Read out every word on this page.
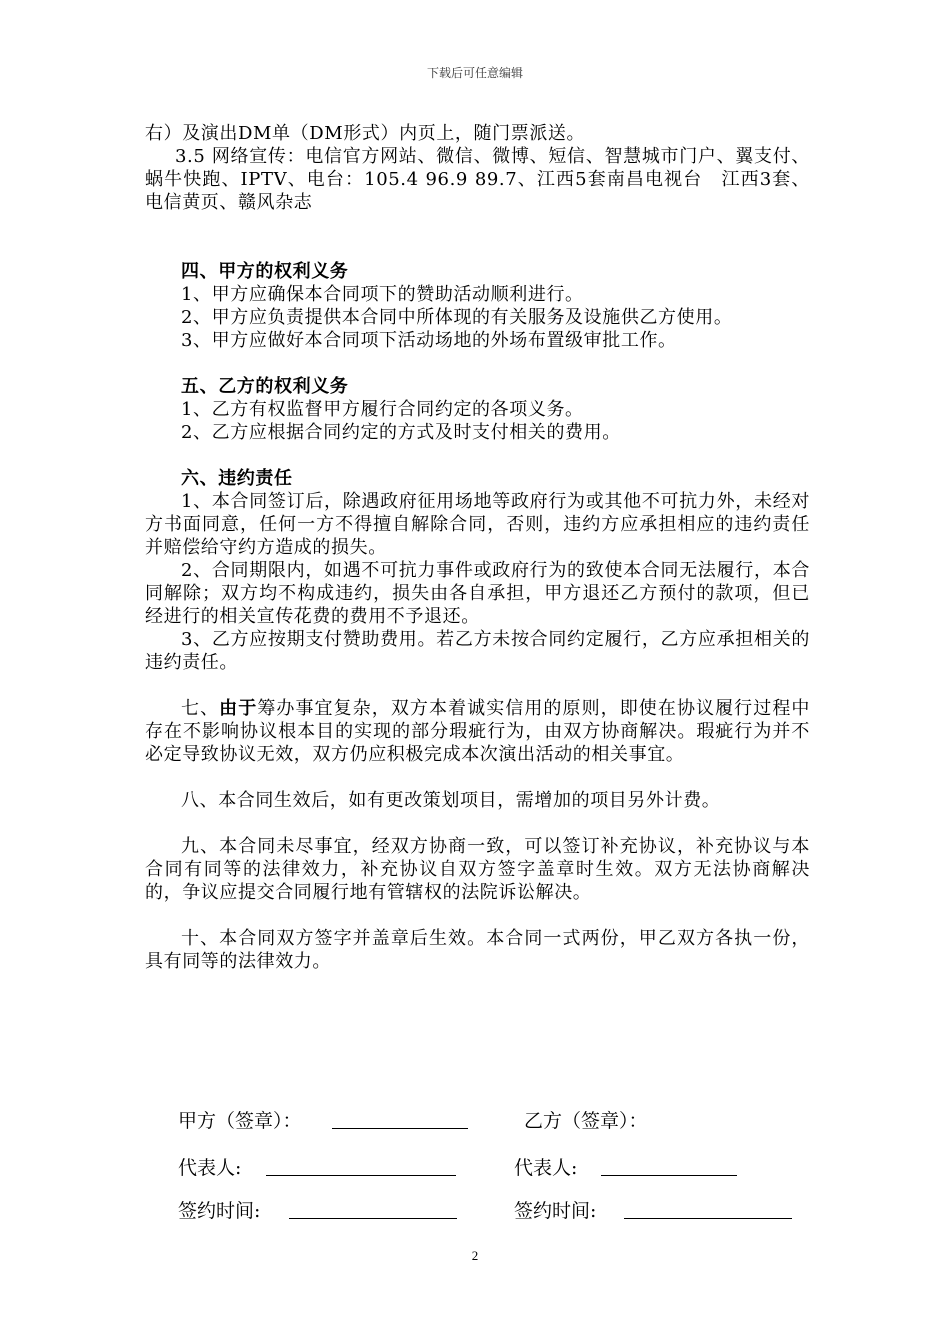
下载后可任意编辑

右）及演出DM单（DM形式）内页上，随门票派送。

3.5 网络宣传：电信官方网站、微信、微博、短信、智慧城市门户、翼支付、蜗牛快跑、IPTV、电台：105.4 96.9 89.7、江西5套南昌电视台　江西3套、电信黄页、赣风杂志

四、甲方的权利义务

1、甲方应确保本合同项下的赞助活动顺利进行。

2、甲方应负责提供本合同中所体现的有关服务及设施供乙方使用。

3、甲方应做好本合同项下活动场地的外场布置级审批工作。

五、乙方的权利义务

1、乙方有权监督甲方履行合同约定的各项义务。

2、乙方应根据合同约定的方式及时支付相关的费用。

六、违约责任

1、本合同签订后，除遇政府征用场地等政府行为或其他不可抗力外，未经对方书面同意，任何一方不得擅自解除合同，否则，违约方应承担相应的违约责任并赔偿给守约方造成的损失。

2、合同期限内，如遇不可抗力事件或政府行为的致使本合同无法履行，本合同解除；双方均不构成违约，损失由各自承担，甲方退还乙方预付的款项，但已经进行的相关宣传花费的费用不予退还。

3、乙方应按期支付赞助费用。若乙方未按合同约定履行，乙方应承担相关的违约责任。

七、由于筹办事宜复杂，双方本着诚实信用的原则，即使在协议履行过程中存在不影响协议根本目的实现的部分瑕疵行为，由双方协商解决。瑕疵行为并不必定导致协议无效，双方仍应积极完成本次演出活动的相关事宜。

八、本合同生效后，如有更改策划项目，需增加的项目另外计费。

九、本合同未尽事宜，经双方协商一致，可以签订补充协议，补充协议与本合同有同等的法律效力，补充协议自双方签字盖章时生效。双方无法协商解决的，争议应提交合同履行地有管辖权的法院诉讼解决。

十、本合同双方签字并盖章后生效。本合同一式两份，甲乙双方各执一份，具有同等的法律效力。

甲方（签章）：	乙方（签章）：
代表人:	代表人:
签约时间:	签约时间:
2
